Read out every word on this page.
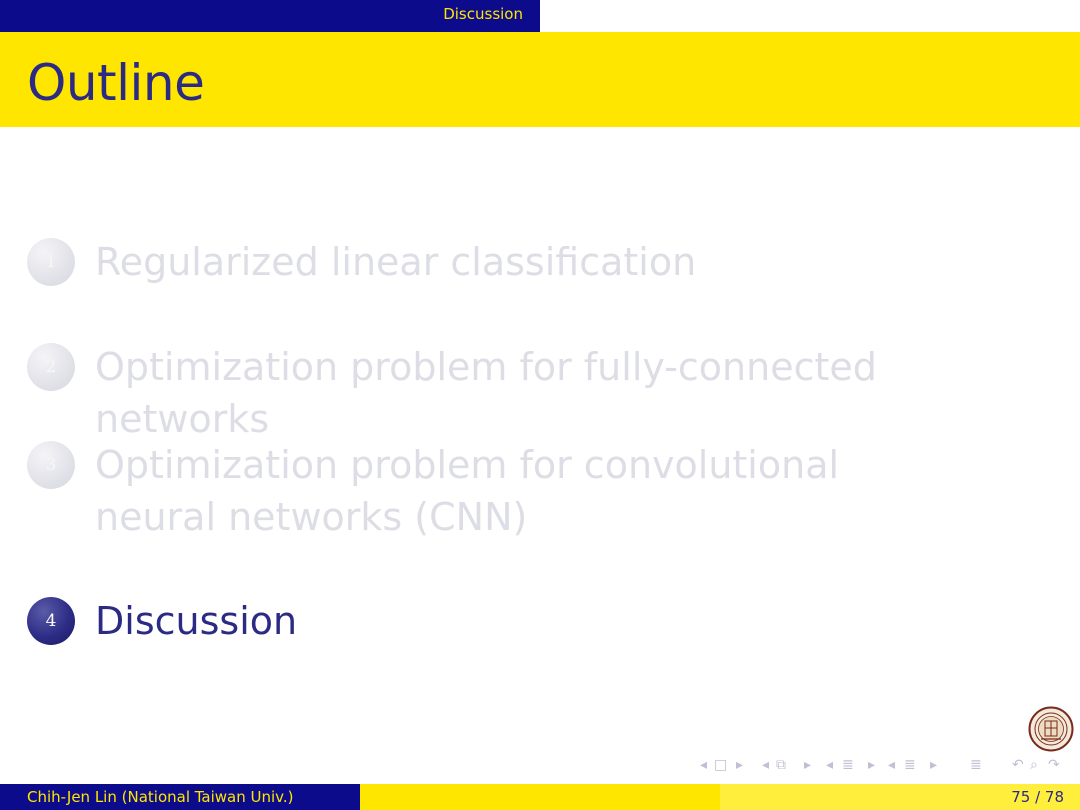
Discussion
Outline
1	Regularized linear classification
2	Optimization problem for fully-connected networks
3	Optimization problem for convolutional neural networks (CNN)
4	Discussion
◂ □ ▸ ◂ ⧉ ▸ ◂ ≣ ▸ ◂ ≣ ▸ ≣ ↶ ⌕ ↷
Chih-Jen Lin (National Taiwan Univ.)	75 / 78
